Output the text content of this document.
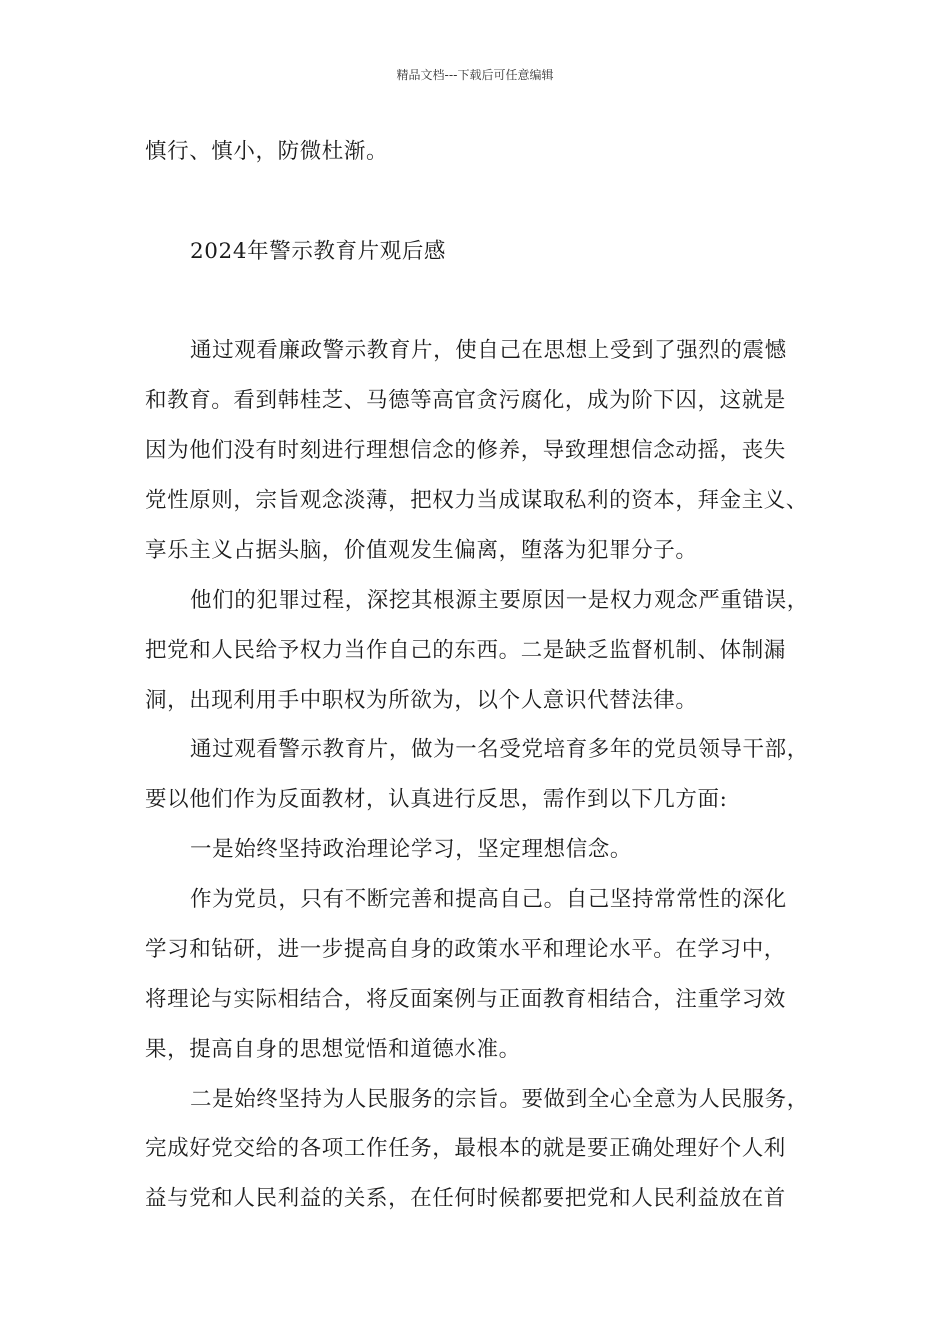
精品文档---下载后可任意编辑
慎行、慎小，防微杜渐。
2024年警示教育片观后感
通过观看廉政警示教育片，使自己在思想上受到了强烈的震憾
和教育。看到韩桂芝、马德等高官贪污腐化，成为阶下囚，这就是
因为他们没有时刻进行理想信念的修养，导致理想信念动摇，丧失
党性原则，宗旨观念淡薄，把权力当成谋取私利的资本，拜金主义、
享乐主义占据头脑，价值观发生偏离，堕落为犯罪分子。
他们的犯罪过程，深挖其根源主要原因一是权力观念严重错误，
把党和人民给予权力当作自己的东西。二是缺乏监督机制、体制漏
洞，出现利用手中职权为所欲为，以个人意识代替法律。
通过观看警示教育片，做为一名受党培育多年的党员领导干部，
要以他们作为反面教材，认真进行反思，需作到以下几方面:
一是始终坚持政治理论学习，坚定理想信念。
作为党员，只有不断完善和提高自己。自己坚持常常性的深化
学习和钻研，进一步提高自身的政策水平和理论水平。在学习中，
将理论与实际相结合，将反面案例与正面教育相结合，注重学习效
果，提高自身的思想觉悟和道德水准。
二是始终坚持为人民服务的宗旨。要做到全心全意为人民服务，
完成好党交给的各项工作任务，最根本的就是要正确处理好个人利
益与党和人民利益的关系，在任何时候都要把党和人民利益放在首
